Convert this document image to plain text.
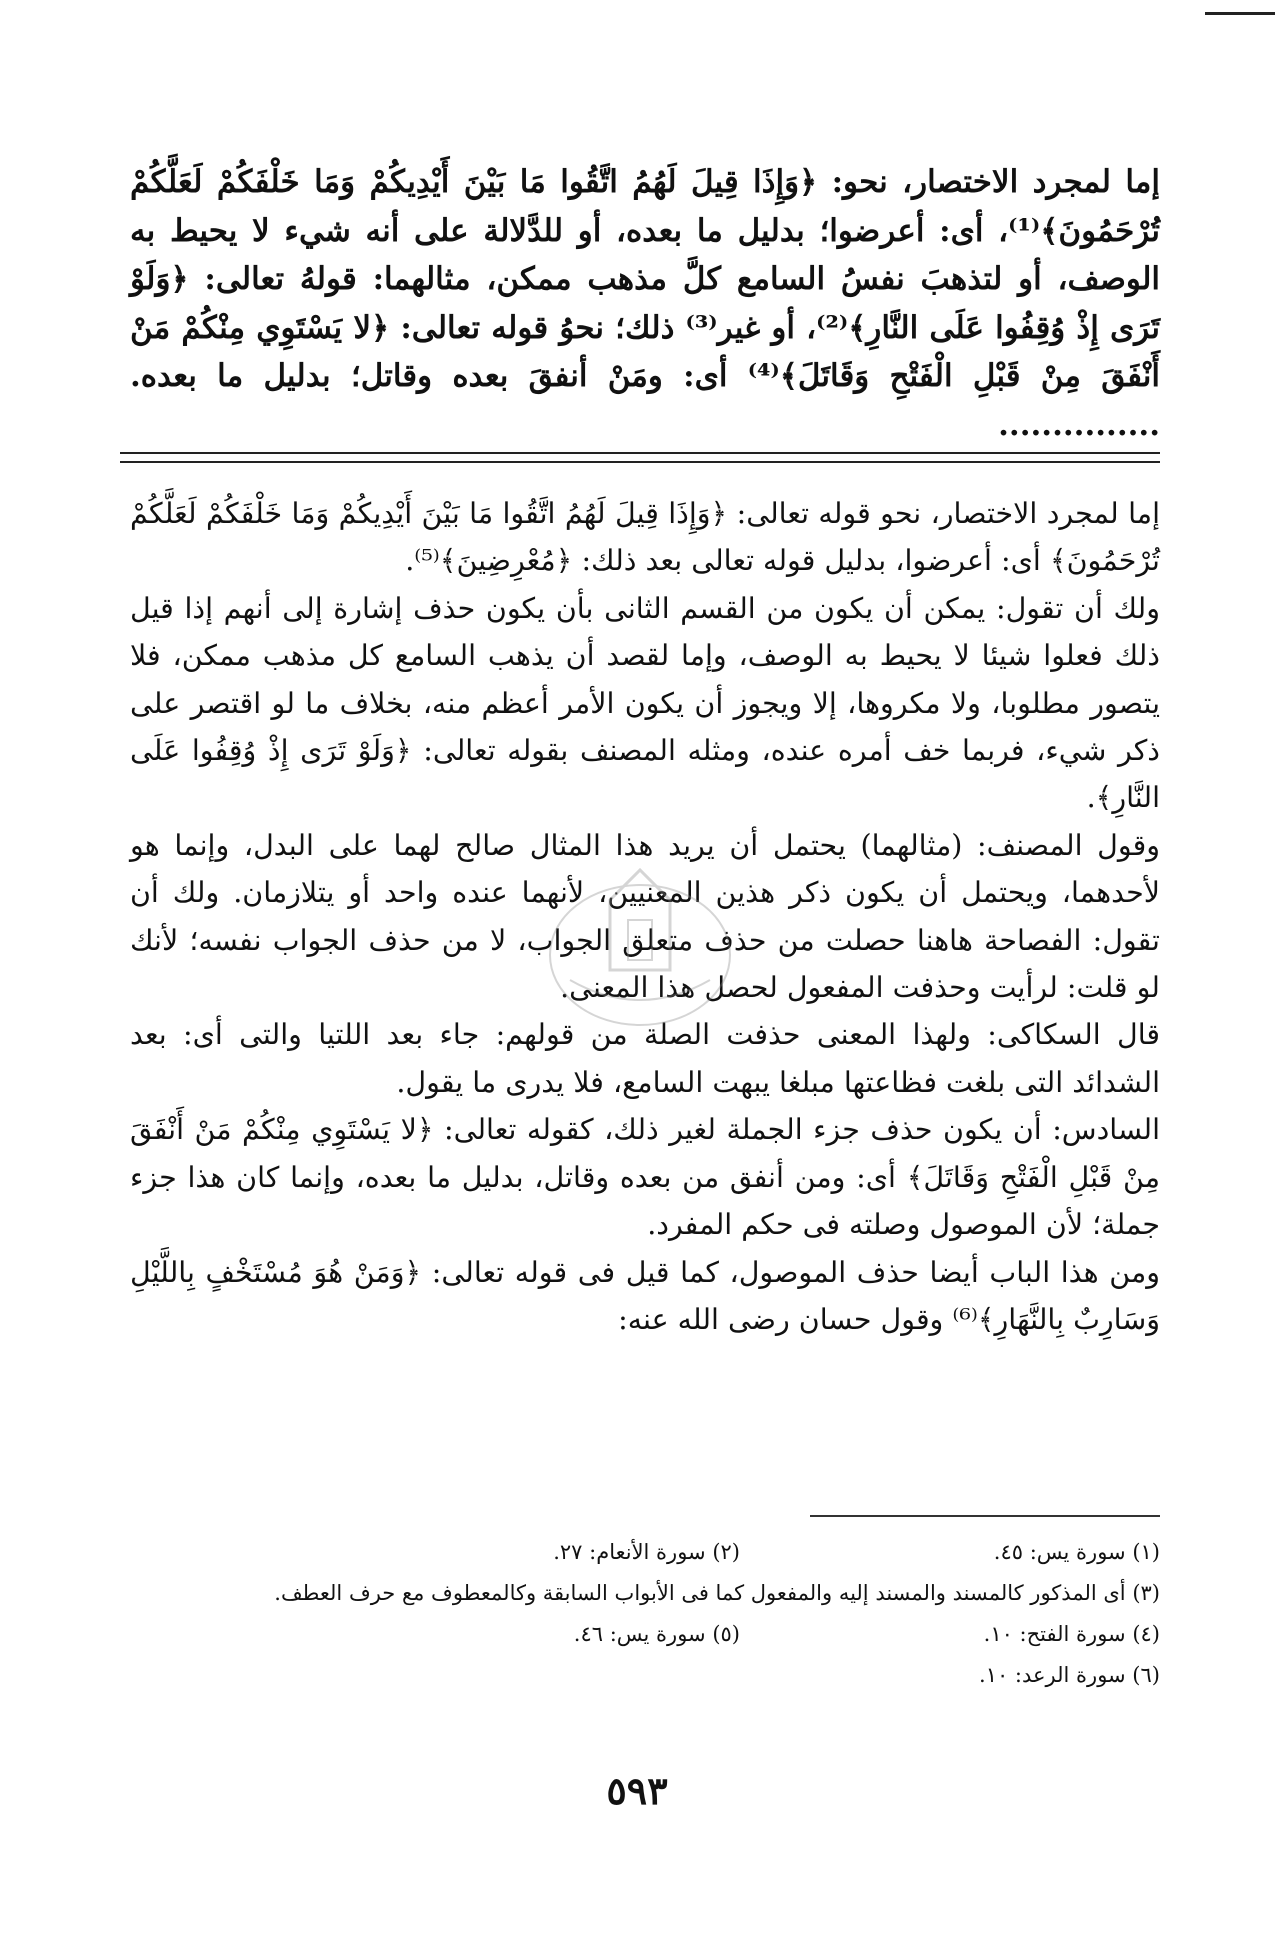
إما لمجرد الاختصار، نحو: ﴿وَإِذَا قِيلَ لَهُمُ اتَّقُوا مَا بَيْنَ أَيْدِيكُمْ وَمَا خَلْفَكُمْ لَعَلَّكُمْ تُرْحَمُونَ﴾⁽¹⁾، أى: أعرضوا؛ بدليل ما بعده، أو للدَّلالة على أنه شيء لا يحيط به الوصف، أو لتذهبَ نفسُ السامع كلَّ مذهب ممكن، مثالهما: قولهُ تعالى: ﴿وَلَوْ تَرَى إِذْ وُقِفُوا عَلَى النَّارِ﴾⁽²⁾، أو غير⁽³⁾ ذلك؛ نحوُ قوله تعالى: ﴿لا يَسْتَوِي مِنْكُمْ مَنْ أَنْفَقَ مِنْ قَبْلِ الْفَتْحِ وَقَاتَلَ﴾⁽⁴⁾ أى: ومَنْ أنفقَ بعده وقاتل؛ بدليل ما بعده. ...............

إما لمجرد الاختصار، نحو قوله تعالى: ﴿وَإِذَا قِيلَ لَهُمُ اتَّقُوا مَا بَيْنَ أَيْدِيكُمْ وَمَا خَلْفَكُمْ لَعَلَّكُمْ تُرْحَمُونَ﴾ أى: أعرضوا، بدليل قوله تعالى بعد ذلك: ﴿مُعْرِضِينَ﴾⁽⁵⁾.

ولك أن تقول: يمكن أن يكون من القسم الثانى بأن يكون حذف إشارة إلى أنهم إذا قيل ذلك فعلوا شيئا لا يحيط به الوصف، وإما لقصد أن يذهب السامع كل مذهب ممكن، فلا يتصور مطلوبا، ولا مكروها، إلا ويجوز أن يكون الأمر أعظم منه، بخلاف ما لو اقتصر على ذكر شيء، فربما خف أمره عنده، ومثله المصنف بقوله تعالى: ﴿وَلَوْ تَرَى إِذْ وُقِفُوا عَلَى النَّارِ﴾.

وقول المصنف: (مثالهما) يحتمل أن يريد هذا المثال صالح لهما على البدل، وإنما هو لأحدهما، ويحتمل أن يكون ذكر هذين المعنيين، لأنهما عنده واحد أو يتلازمان. ولك أن تقول: الفصاحة هاهنا حصلت من حذف متعلق الجواب، لا من حذف الجواب نفسه؛ لأنك لو قلت: لرأيت وحذفت المفعول لحصل هذا المعنى.

قال السكاكى: ولهذا المعنى حذفت الصلة من قولهم: جاء بعد اللتيا والتى أى: بعد الشدائد التى بلغت فظاعتها مبلغا يبهت السامع، فلا يدرى ما يقول.

السادس: أن يكون حذف جزء الجملة لغير ذلك، كقوله تعالى: ﴿لا يَسْتَوِي مِنْكُمْ مَنْ أَنْفَقَ مِنْ قَبْلِ الْفَتْحِ وَقَاتَلَ﴾ أى: ومن أنفق من بعده وقاتل، بدليل ما بعده، وإنما كان هذا جزء جملة؛ لأن الموصول وصلته فى حكم المفرد.

ومن هذا الباب أيضا حذف الموصول، كما قيل فى قوله تعالى: ﴿وَمَنْ هُوَ مُسْتَخْفٍ بِاللَّيْلِ وَسَارِبٌ بِالنَّهَارِ﴾⁽⁶⁾ وقول حسان رضى الله عنه:

(١) سورة يس: ٤٥.
(٢) سورة الأنعام: ٢٧.
(٣) أى المذكور كالمسند والمسند إليه والمفعول كما فى الأبواب السابقة وكالمعطوف مع حرف العطف.
(٤) سورة الفتح: ١٠.
(٥) سورة يس: ٤٦.
(٦) سورة الرعد: ١٠.
٥٩٣
